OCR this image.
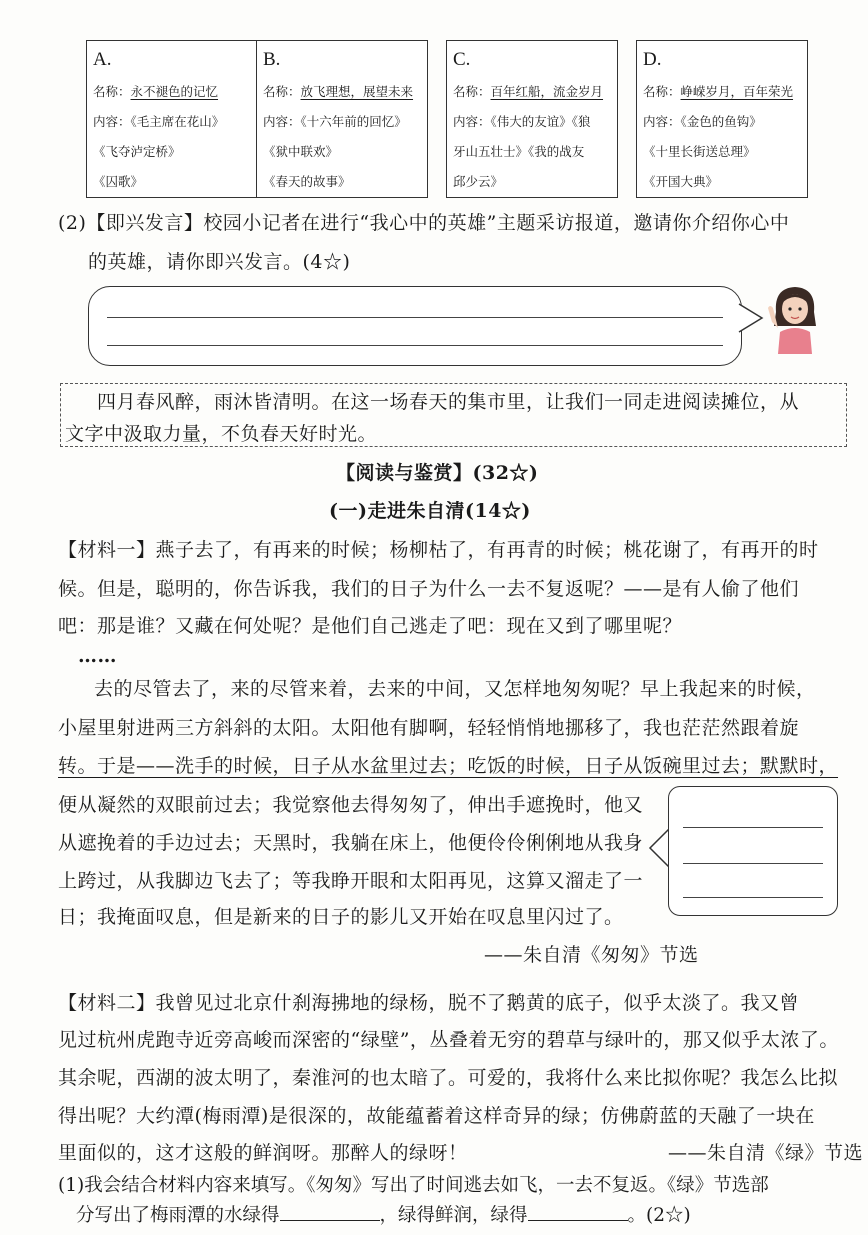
A.
名称：永不褪色的记忆
内容：《毛主席在花山》
《飞夺泸定桥》
《囚歌》
B.
名称：放飞理想，展望未来
内容：《十六年前的回忆》
《狱中联欢》
《春天的故事》
C.
名称：百年红船，流金岁月
内容：《伟大的友谊》《狼
牙山五壮士》《我的战友
邱少云》
D.
名称：峥嵘岁月，百年荣光
内容：《金色的鱼钩》
《十里长街送总理》
《开国大典》
(2)【即兴发言】校园小记者在进行“我心中的英雄”主题采访报道，邀请你介绍你心中
的英雄，请你即兴发言。(4☆)
四月春风醉，雨沐皆清明。在这一场春天的集市里，让我们一同走进阅读摊位，从
文字中汲取力量，不负春天好时光。
【阅读与鉴赏】(32☆)
(一)走进朱自清(14☆)
【材料一】燕子去了，有再来的时候；杨柳枯了，有再青的时候；桃花谢了，有再开的时
候。但是，聪明的，你告诉我，我们的日子为什么一去不复返呢？——是有人偷了他们
吧：那是谁？又藏在何处呢？是他们自己逃走了吧：现在又到了哪里呢？
……
去的尽管去了，来的尽管来着，去来的中间，又怎样地匆匆呢？早上我起来的时候，
小屋里射进两三方斜斜的太阳。太阳他有脚啊，轻轻悄悄地挪移了，我也茫茫然跟着旋
转。于是——洗手的时候，日子从水盆里过去；吃饭的时候，日子从饭碗里过去；默默时，
便从凝然的双眼前过去；我觉察他去得匆匆了，伸出手遮挽时，他又
从遮挽着的手边过去；天黑时，我躺在床上，他便伶伶俐俐地从我身
上跨过，从我脚边飞去了；等我睁开眼和太阳再见，这算又溜走了一
日；我掩面叹息，但是新来的日子的影儿又开始在叹息里闪过了。
——朱自清《匆匆》节选
【材料二】我曾见过北京什刹海拂地的绿杨，脱不了鹅黄的底子，似乎太淡了。我又曾
见过杭州虎跑寺近旁高峻而深密的“绿壁”，丛叠着无穷的碧草与绿叶的，那又似乎太浓了。
其余呢，西湖的波太明了，秦淮河的也太暗了。可爱的，我将什么来比拟你呢？我怎么比拟
得出呢？大约潭(梅雨潭)是很深的，故能蕴蓄着这样奇异的绿；仿佛蔚蓝的天融了一块在
里面似的，这才这般的鲜润呀。那醉人的绿呀！	——朱自清《绿》节选
(1)我会结合材料内容来填写。《匆匆》写出了时间逃去如飞，一去不复返。《绿》节选部
分写出了梅雨潭的水绿得	，绿得鲜润，绿得	。(2☆)
